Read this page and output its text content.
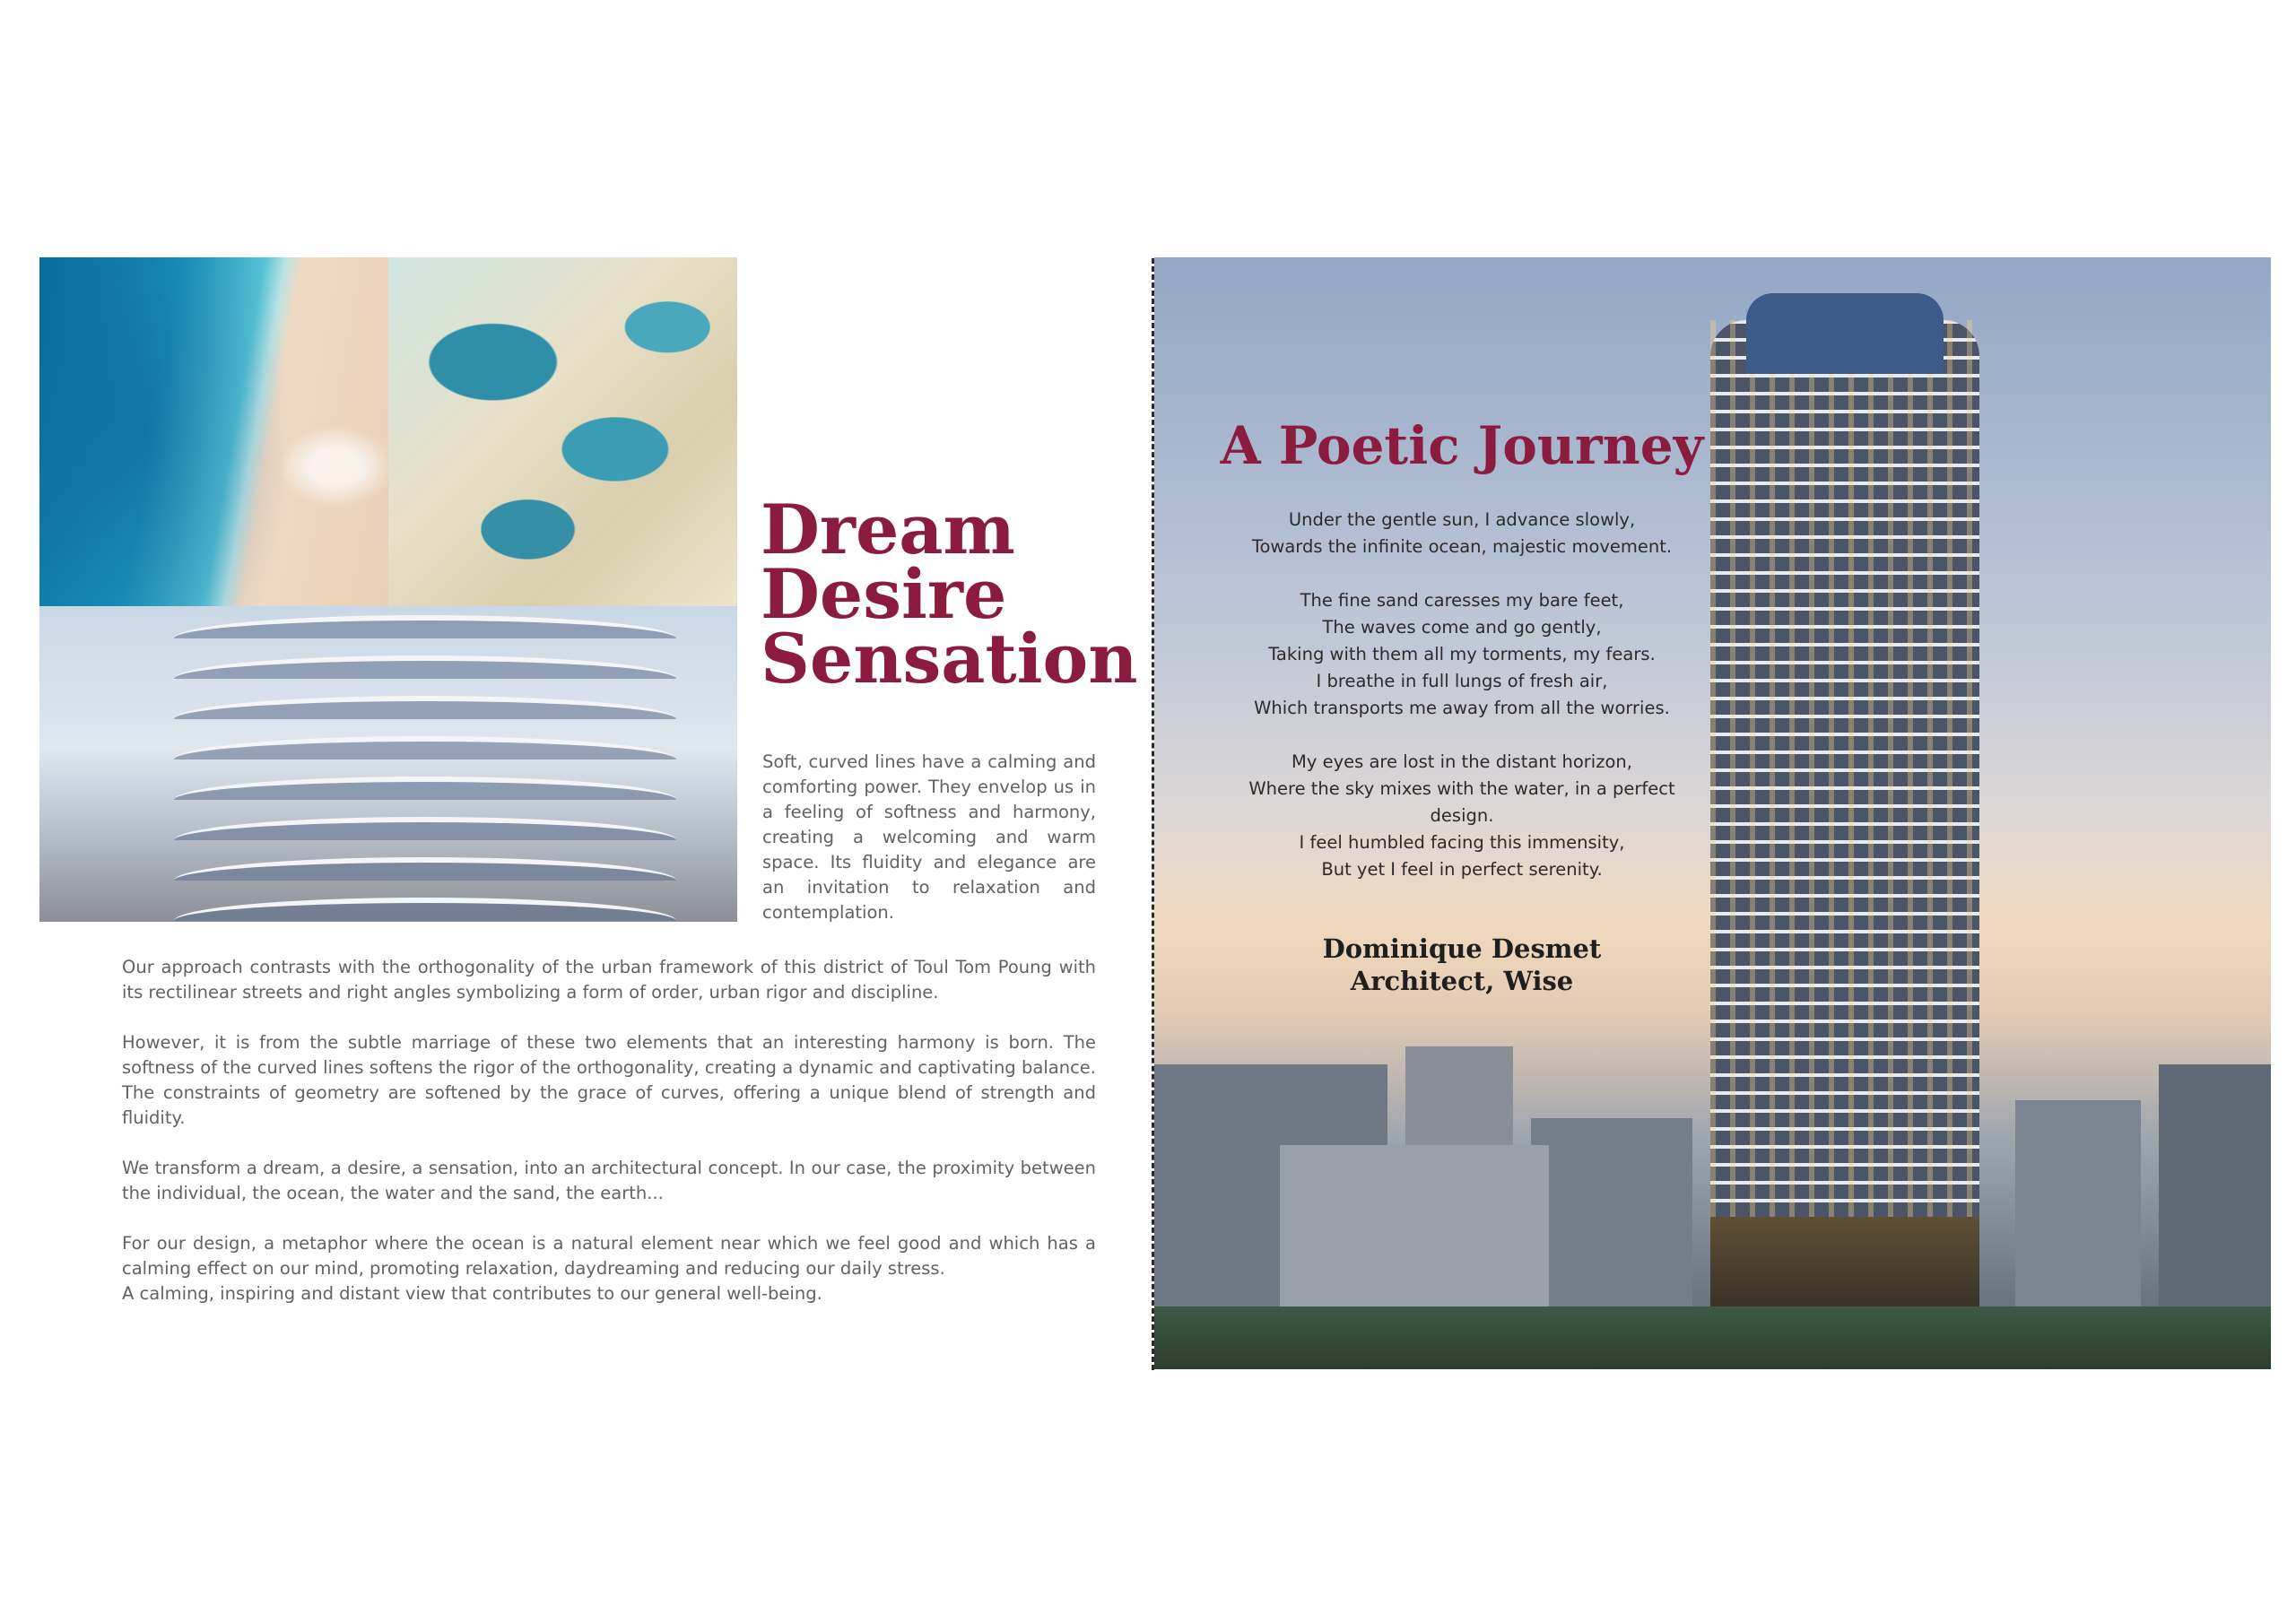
Dream
Desire
Sensation
Soft, curved lines have a calming and comforting power. They envelop us in a feeling of softness and harmony, creating a welcoming and warm space. Its fluidity and elegance are an invitation to relaxation and contemplation.

Our approach contrasts with the orthogonality of the urban framework of this district of Toul Tom Poung with its rectilinear streets and right angles symbolizing a form of order, urban rigor and discipline.

However, it is from the subtle marriage of these two elements that an interesting harmony is born. The softness of the curved lines softens the rigor of the orthogonality, creating a dynamic and captivating balance. The constraints of geometry are softened by the grace of curves, offering a unique blend of strength and fluidity.

We transform a dream, a desire, a sensation, into an architectural concept. In our case, the proximity between the individual, the ocean, the water and the sand, the earth...

For our design, a metaphor where the ocean is a natural element near which we feel good and which has a calming effect on our mind, promoting relaxation, daydreaming and reducing our daily stress.

A calming, inspiring and distant view that contributes to our general well-being.

A Poetic Journey
Under the gentle sun, I advance slowly,
Towards the infinite ocean, majestic movement.
The fine sand caresses my bare feet,
The waves come and go gently,
Taking with them all my torments, my fears.
I breathe in full lungs of fresh air,
Which transports me away from all the worries.
My eyes are lost in the distant horizon,
Where the sky mixes with the water, in a perfect design.
I feel humbled facing this immensity,
But yet I feel in perfect serenity.
Dominique Desmet
Architect, Wise
